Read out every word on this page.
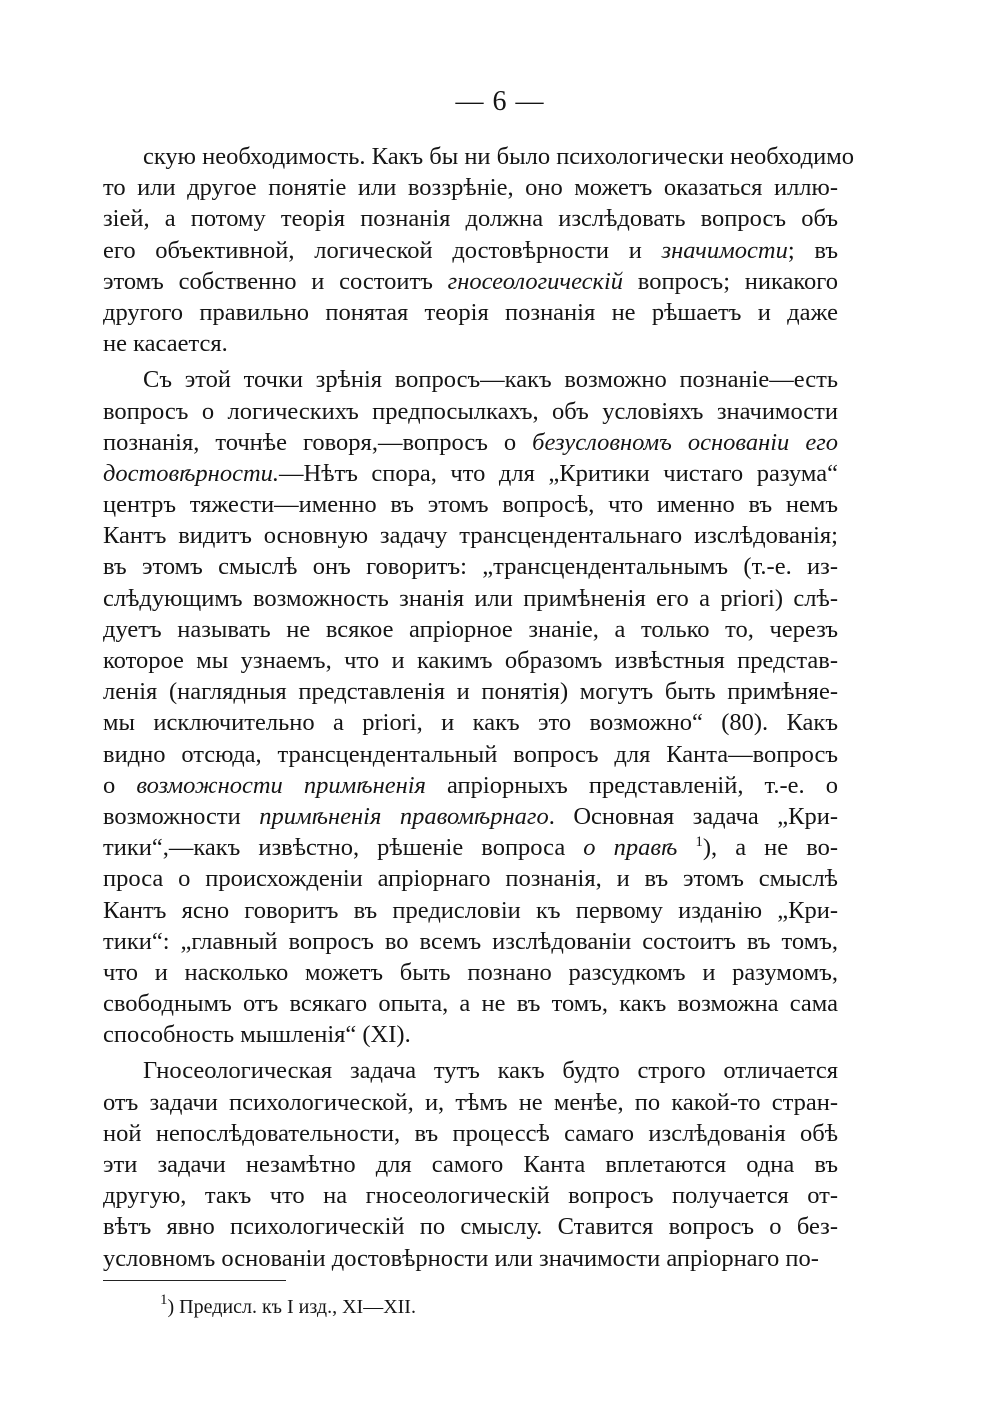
— 6 —
скую необходимость. Какъ бы ни было психологически необходимо
то или другое понятіе или воззрѣніе, оно можетъ оказаться иллю-
зіей, а потому теорія познанія должна изслѣдовать вопросъ объ
его объективной, логической достовѣрности и значимости; въ
этомъ собственно и состоитъ гносеологическій вопросъ; никакого
другого правильно понятая теорія познанія не рѣшаетъ и даже
не касается.
Съ этой точки зрѣнія вопросъ—какъ возможно познаніе—есть
вопросъ о логическихъ предпосылкахъ, объ условіяхъ значимости
познанія, точнѣе говоря,—вопросъ о безусловномъ основаніи его
достовѣрности.—Нѣтъ спора, что для „Критики чистаго разума“
центръ тяжести—именно въ этомъ вопросѣ, что именно въ немъ
Кантъ видитъ основную задачу трансцендентальнаго изслѣдованія;
въ этомъ смыслѣ онъ говоритъ: „трансцендентальнымъ (т.-е. из-
слѣдующимъ возможность знанія или примѣненія его a priori) слѣ-
дуетъ называть не всякое апріорное знаніе, а только то, черезъ
которое мы узнаемъ, что и какимъ образомъ извѣстныя представ-
ленія (наглядныя представленія и понятія) могутъ быть примѣняе-
мы исключительно a priori, и какъ это возможно“ (80). Какъ
видно отсюда, трансцендентальный вопросъ для Канта—вопросъ
о возможности примѣненія апріорныхъ представленій, т.-е. о
возможности примѣненія правомѣрнаго. Основная задача „Кри-
тики“,—какъ извѣстно, рѣшеніе вопроса о правѣ $^1$), а не во-
проса о происхожденіи апріорнаго познанія, и въ этомъ смыслѣ
Кантъ ясно говоритъ въ предисловіи къ первому изданію „Кри-
тики“: „главный вопросъ во всемъ изслѣдованіи состоитъ въ томъ,
что и насколько можетъ быть познано разсудкомъ и разумомъ,
свободнымъ отъ всякаго опыта, а не въ томъ, какъ возможна сама
способность мышленія“ (XI).
Гносеологическая задача тутъ какъ будто строго отличается
отъ задачи психологической, и, тѣмъ не менѣе, по какой-то стран-
ной непослѣдовательности, въ процессѣ самаго изслѣдованія обѣ
эти задачи незамѣтно для самого Канта вплетаются одна въ
другую, такъ что на гносеологическій вопросъ получается от-
вѣтъ явно психологическій по смыслу. Ставится вопросъ о без-
условномъ основаніи достовѣрности или значимости апріорнаго по-
$^1$) Предисл. къ I изд., XI—XII.
